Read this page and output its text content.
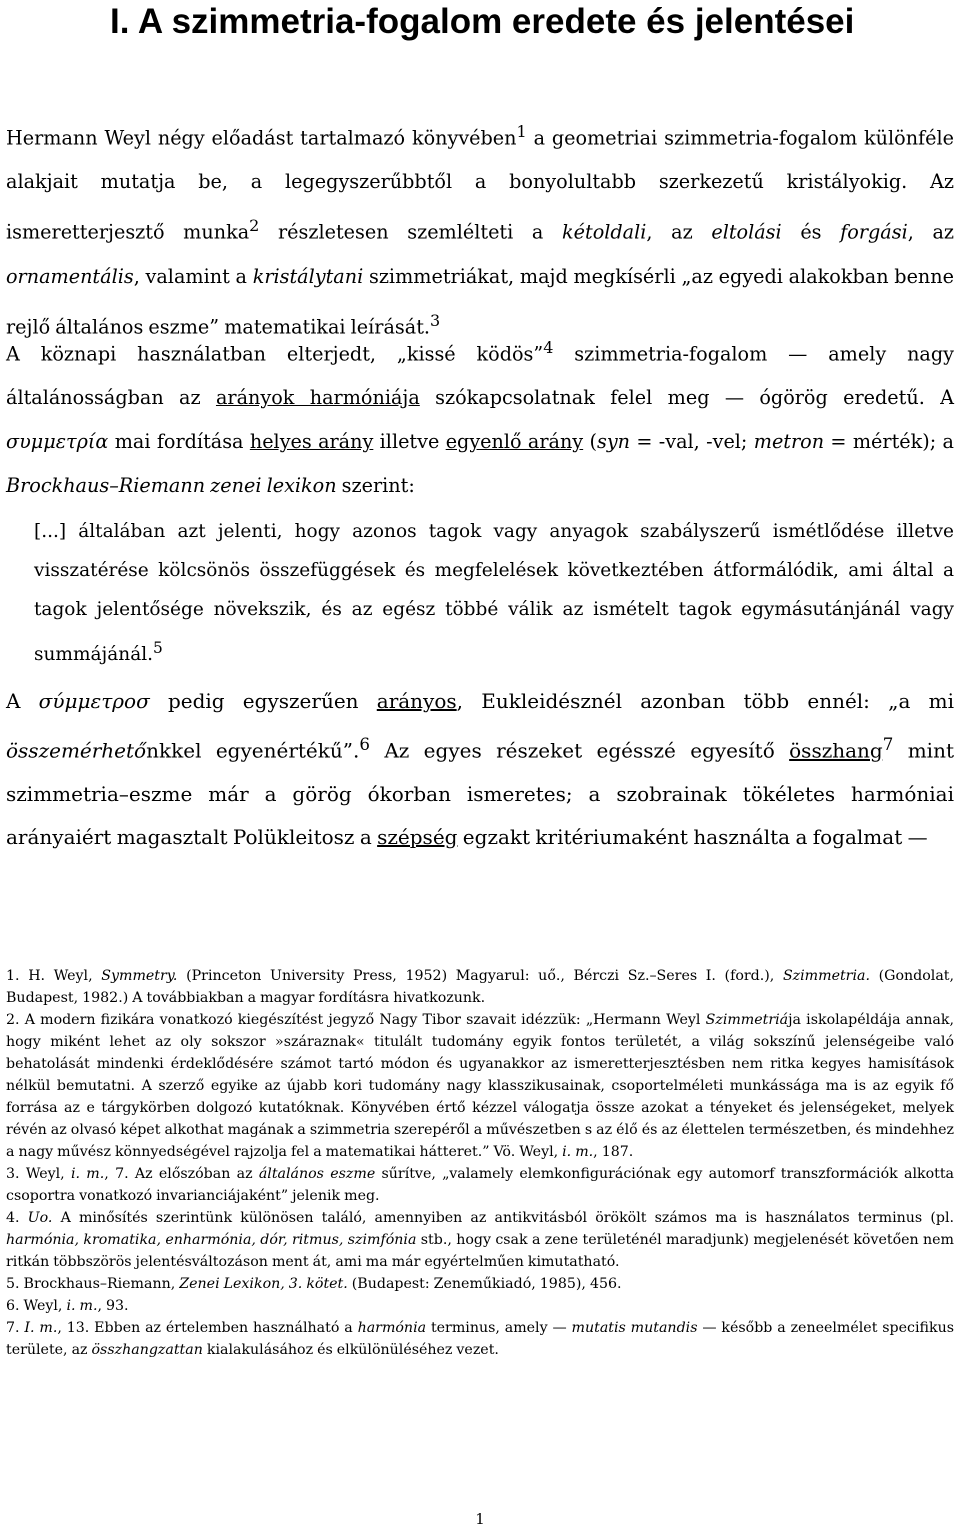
I. A szimmetria-fogalom eredete és jelentései

Hermann Weyl négy előadást tartalmazó könyvében$^1$ a geometriai szimmetria-fogalom különféle alakjait mutatja be, a legegyszerűbbtől a bonyolultabb szerkezetű kristályokig. Az ismeretterjesztő munka$^2$ részletesen szemlélteti a kétoldali, az eltolási és forgási, az ornamentális, valamint a kristálytani szimmetriákat, majd megkísérli „az egyedi alakokban benne rejlő általános eszme” matematikai leírását.$^3$

A köznapi használatban elterjedt, „kissé ködös”$^4$ szimmetria-fogalom — amely nagy általánosságban az arányok harmóniája szókapcsolatnak felel meg — ógörög eredetű. A συμμετρία mai fordítása helyes arány illetve egyenlő arány (syn = -val, -vel; metron = mérték); a Brockhaus–Riemann zenei lexikon szerint:

[...] általában azt jelenti, hogy azonos tagok vagy anyagok szabályszerű ismétlődése illetve visszatérése kölcsönös összefüggések és megfelelések következtében átformálódik, ami által a tagok jelentősége növekszik, és az egész többé válik az ismételt tagok egymásutánjánál vagy summájánál.$^5$

A σύμμετροσ pedig egyszerűen arányos, Eukleidésznél azonban több ennél: „a mi összemérhetőnkkel egyenértékű”.$^6$ Az egyes részeket egésszé egyesítő összhang$^7$ mint szimmetria–eszme már a görög ókorban ismeretes; a szobrainak tökéletes harmóniai arányaiért magasztalt Polükleitosz a szépség egzakt kritériumaként használta a fogalmat —

1. H. Weyl, Symmetry. (Princeton University Press, 1952) Magyarul: uő., Bérczi Sz.–Seres I. (ford.), Szimmetria. (Gondolat, Budapest, 1982.) A továbbiakban a magyar fordításra hivatkozunk.

2. A modern fizikára vonatkozó kiegészítést jegyző Nagy Tibor szavait idézzük: „Hermann Weyl Szimmetriája iskolapéldája annak, hogy miként lehet az oly sokszor »száraznak« titulált tudomány egyik fontos területét, a világ sokszínű jelenségeibe való behatolását mindenki érdeklődésére számot tartó módon és ugyanakkor az ismeretterjesztésben nem ritka kegyes hamisítások nélkül bemutatni. A szerző egyike az újabb kori tudomány nagy klasszikusainak, csoportelméleti munkássága ma is az egyik fő forrása az e tárgykörben dolgozó kutatóknak. Könyvében értő kézzel válogatja össze azokat a tényeket és jelenségeket, melyek révén az olvasó képet alkothat magának a szimmetria szerepéről a művészetben s az élő és az élettelen természetben, és mindehhez a nagy művész könnyedségével rajzolja fel a matematikai hátteret.” Vö. Weyl, i. m., 187.

3. Weyl, i. m., 7. Az előszóban az általános eszme sűrítve, „valamely elemkonfigurációnak egy automorf transzformációk alkotta csoportra vonatkozó invarianciájaként” jelenik meg.

4. Uo. A minősítés szerintünk különösen találó, amennyiben az antikvitásból örökölt számos ma is használatos terminus (pl. harmónia, kromatika, enharmónia, dór, ritmus, szimfónia stb., hogy csak a zene területénél maradjunk) megjelenését követően nem ritkán többszörös jelentésváltozáson ment át, ami ma már egyértelműen kimutatható.

5. Brockhaus–Riemann, Zenei Lexikon, 3. kötet. (Budapest: Zeneműkiadó, 1985), 456.

6. Weyl, i. m., 93.

7. I. m., 13. Ebben az értelemben használható a harmónia terminus, amely — mutatis mutandis — később a zeneelmélet specifikus területe, az összhangzattan kialakulásához és elkülönüléséhez vezet.

1
